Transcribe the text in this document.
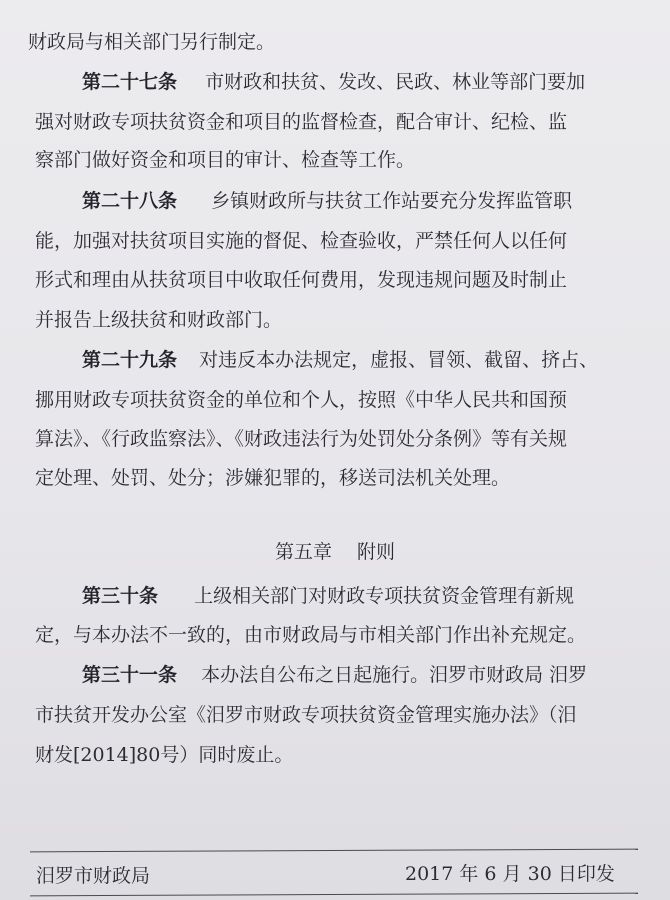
财政局与相关部门另行制定。
第二十七条 市财政和扶贫、发改、民政、林业等部门要加
强对财政专项扶贫资金和项目的监督检查，配合审计、纪检、监
察部门做好资金和项目的审计、检查等工作。
第二十八条 乡镇财政所与扶贫工作站要充分发挥监管职
能，加强对扶贫项目实施的督促、检查验收，严禁任何人以任何
形式和理由从扶贫项目中收取任何费用，发现违规问题及时制止
并报告上级扶贫和财政部门。
第二十九条 对违反本办法规定，虚报、冒领、截留、挤占、
挪用财政专项扶贫资金的单位和个人，按照《中华人民共和国预
算法》、《行政监察法》、《财政违法行为处罚处分条例》等有关规
定处理、处罚、处分；涉嫌犯罪的，移送司法机关处理。
第五章　 附则
第三十条 上级相关部门对财政专项扶贫资金管理有新规
定，与本办法不一致的，由市财政局与市相关部门作出补充规定。
第三十一条 本办法自公布之日起施行。汨罗市财政局 汨罗
市扶贫开发办公室《汨罗市财政专项扶贫资金管理实施办法》（汨
财发[2014]80号）同时废止。
汨罗市财政局	2017 年 6 月 30 日印发
